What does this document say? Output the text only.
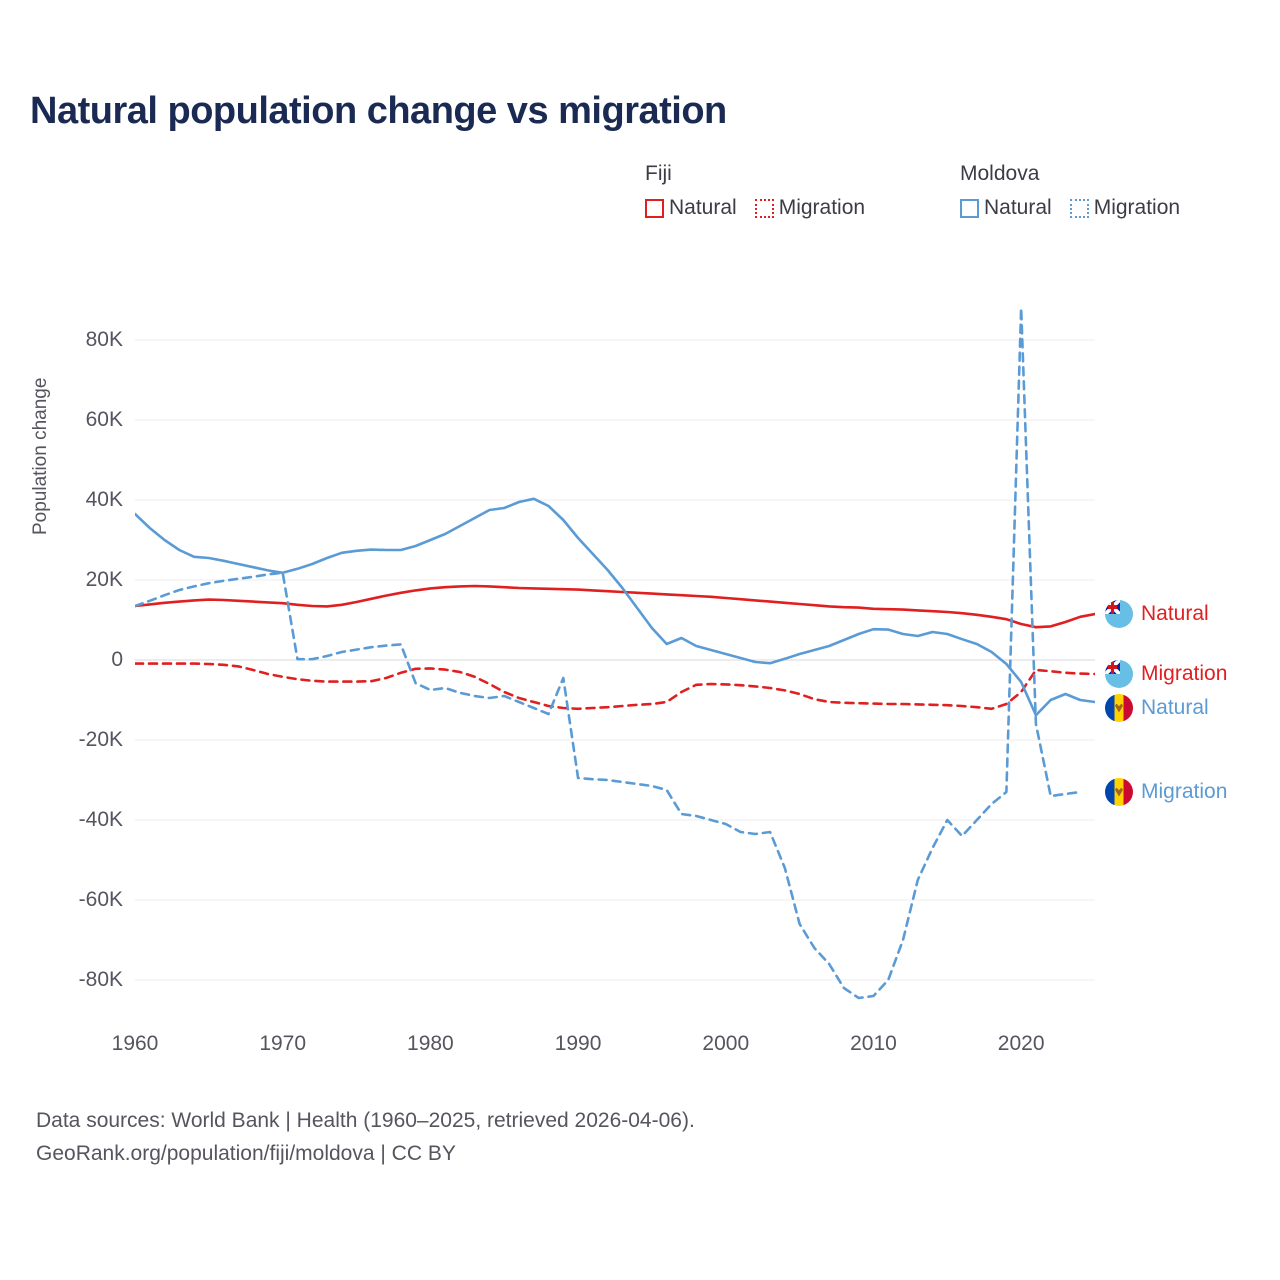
Natural population change vs migration
Fiji
Natural Migration
Moldova
Natural Migration
Population change
-80K
-60K
-40K
-20K
0
20K
40K
60K
80K
1960	1970	1980	1990	2000	2010	2020
Natural
Migration
Natural
Migration
Data sources: World Bank | Health (1960–2025, retrieved 2026-04-06).
GeoRank.org/population/fiji/moldova | CC BY
